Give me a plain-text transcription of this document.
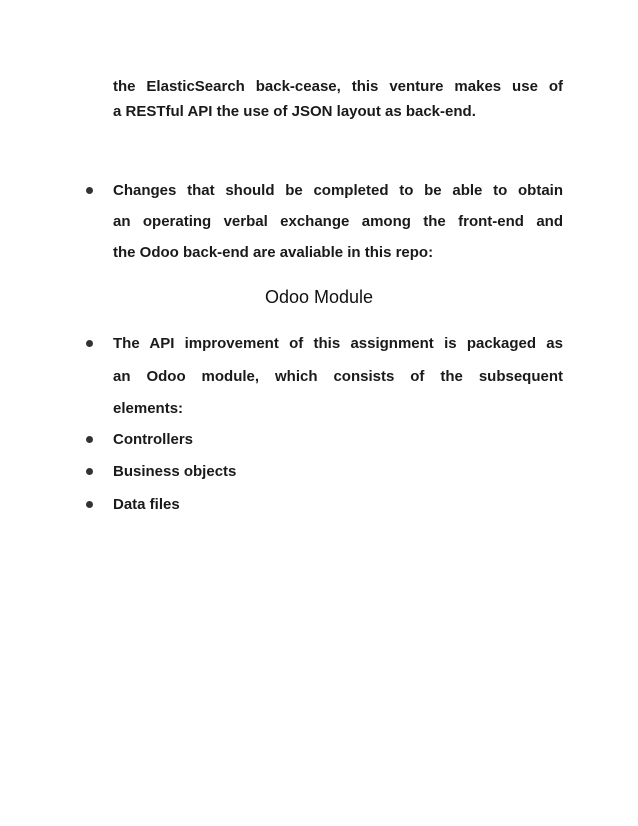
the ElasticSearch back-cease, this venture makes use of
a RESTful API the use of JSON layout as back-end.
Changes that should be completed to be able to obtain
an operating verbal exchange among the front-end and
the Odoo back-end are avaliable in this repo:
Odoo Module
The API improvement of this assignment is packaged as
an Odoo module, which consists of the subsequent
elements:
Controllers
Business objects
Data files
